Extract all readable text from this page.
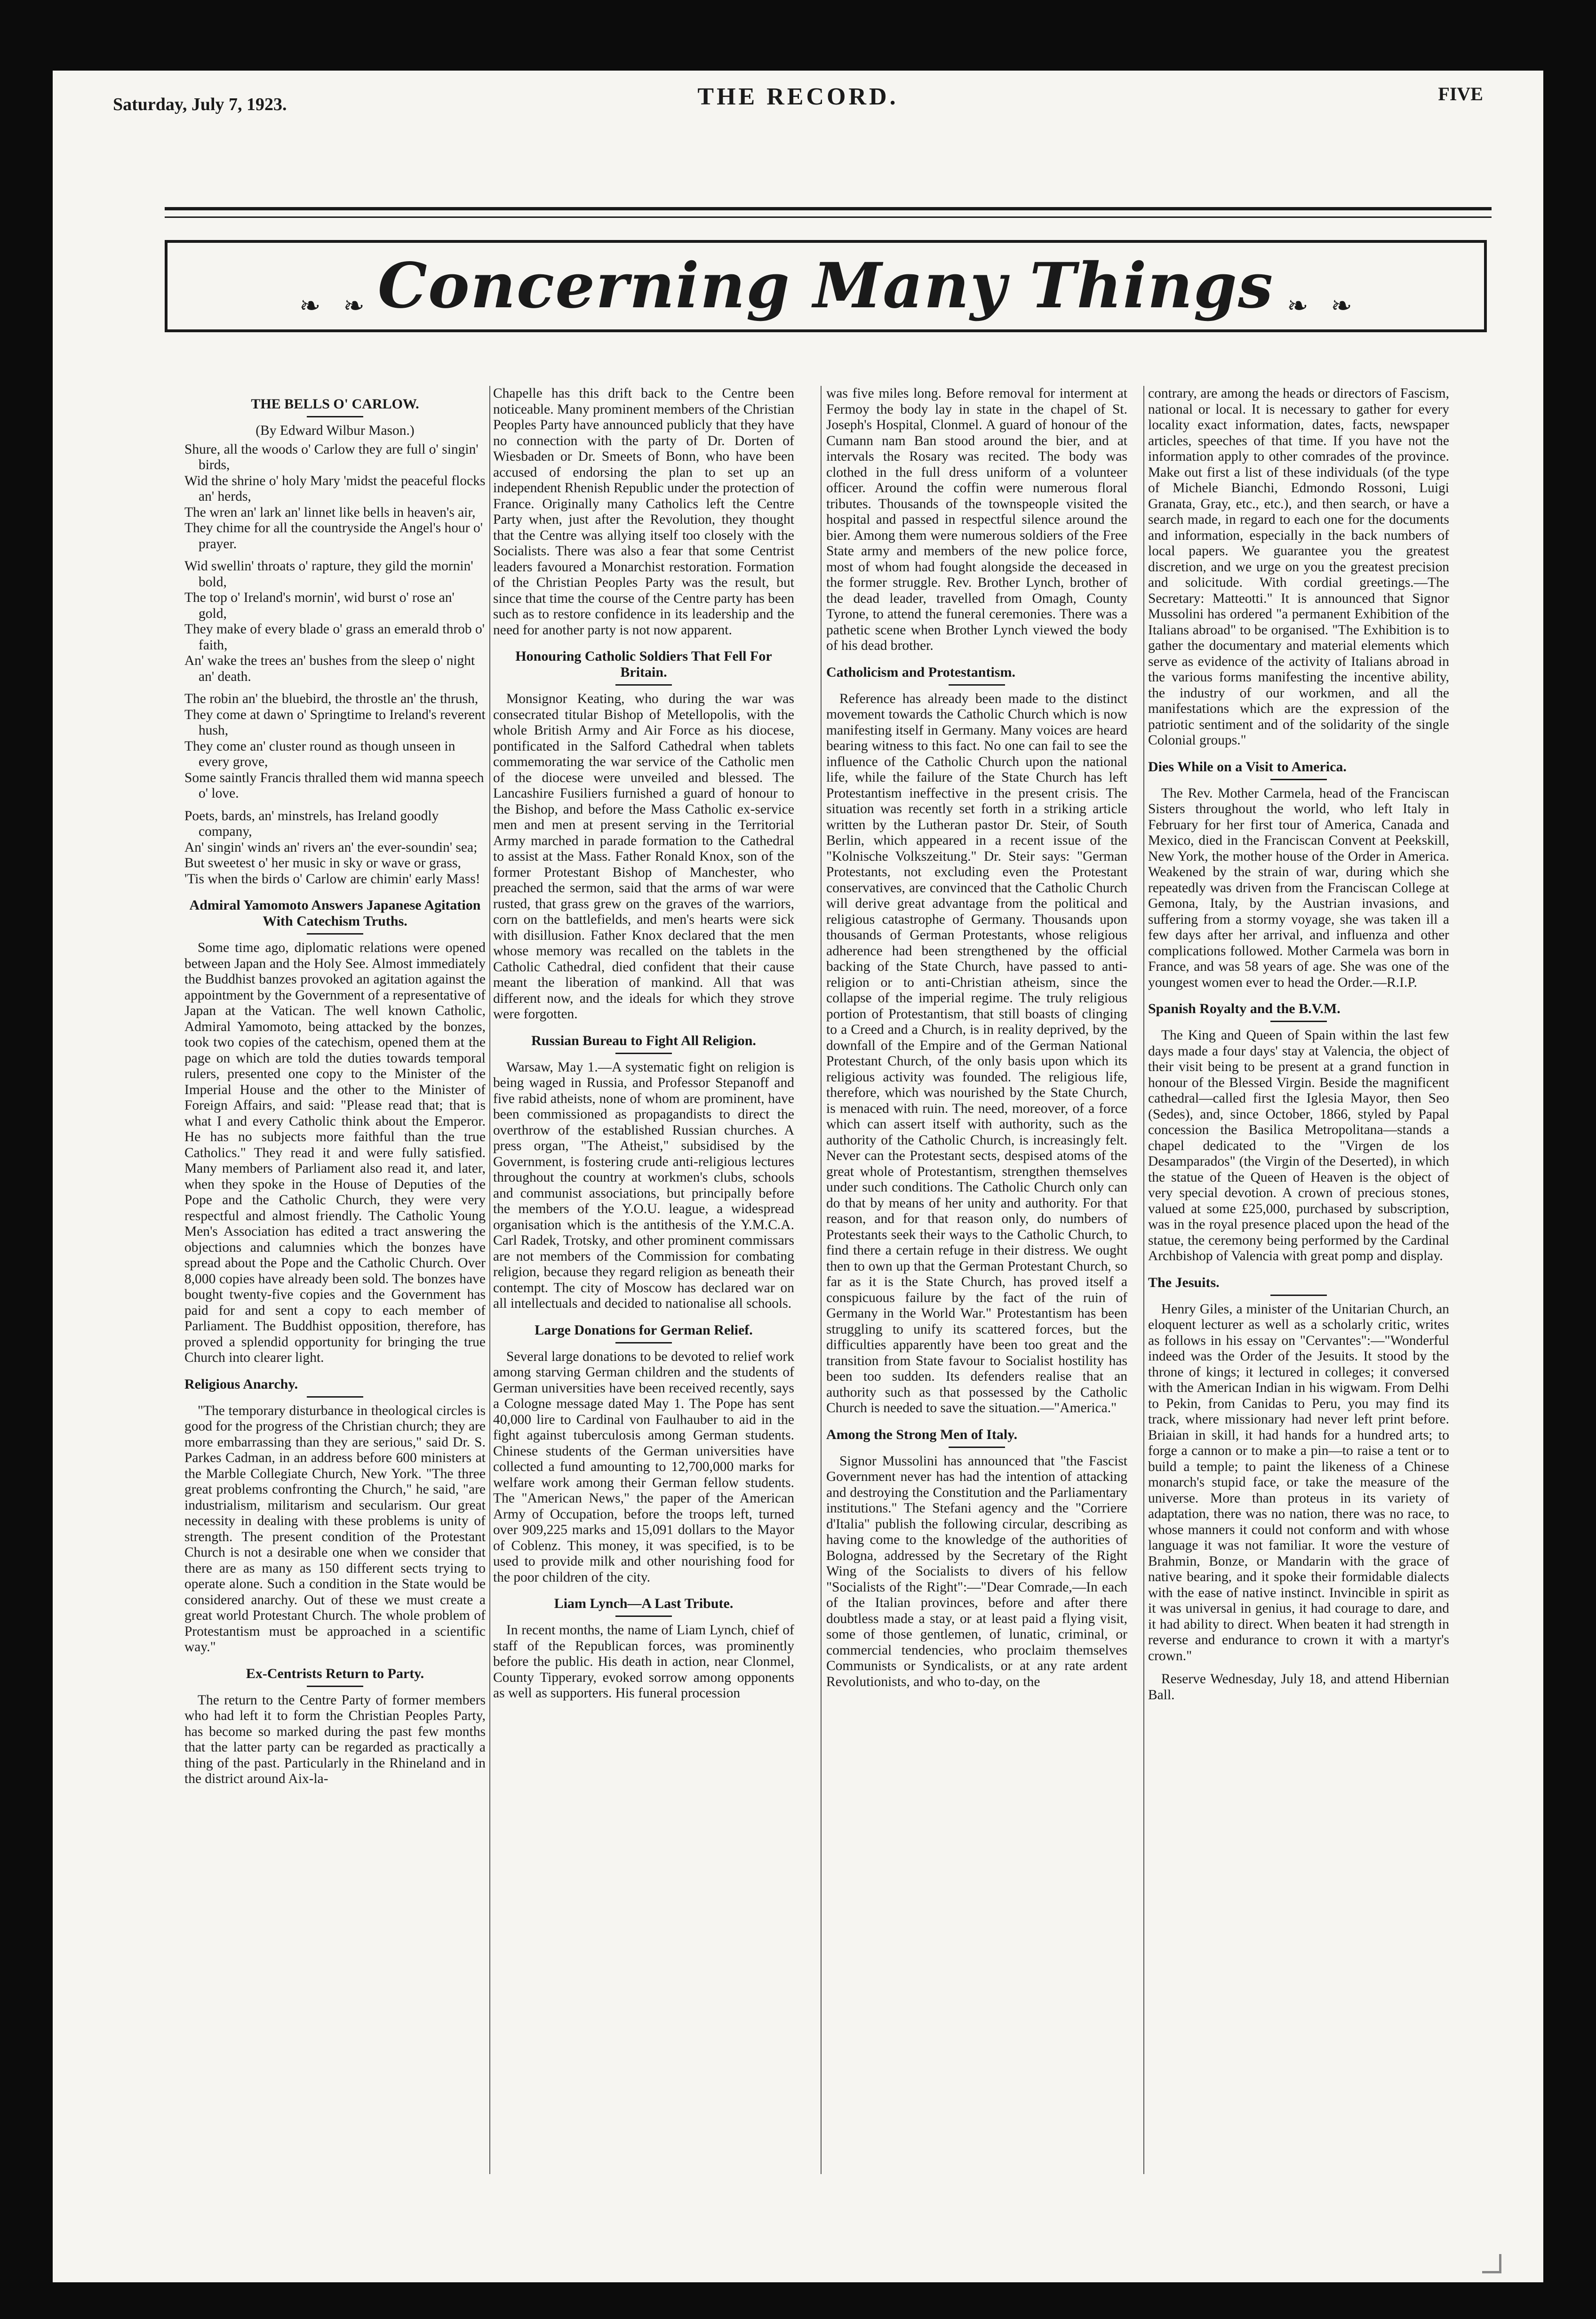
Saturday, July 7, 1923.	THE RECORD.	FIVE
❧ ❧ Concerning Many Things ❧ ❧
THE BELLS O' CARLOW.
(By Edward Wilbur Mason.)
Shure, all the woods o' Carlow they are full o' singin' birds,
Wid the shrine o' holy Mary 'midst the peaceful flocks an' herds,
The wren an' lark an' linnet like bells in heaven's air,
They chime for all the countryside the Angel's hour o' prayer.
Wid swellin' throats o' rapture, they gild the mornin' bold,
The top o' Ireland's mornin', wid burst o' rose an' gold,
They make of every blade o' grass an emerald throb o' faith,
An' wake the trees an' bushes from the sleep o' night an' death.
The robin an' the bluebird, the throstle an' the thrush,
They come at dawn o' Springtime to Ireland's reverent hush,
They come an' cluster round as though unseen in every grove,
Some saintly Francis thralled them wid manna speech o' love.
Poets, bards, an' minstrels, has Ireland goodly company,
An' singin' winds an' rivers an' the ever-soundin' sea;
But sweetest o' her music in sky or wave or grass,
'Tis when the birds o' Carlow are chimin' early Mass!
Admiral Yamomoto Answers Japanese Agitation With Catechism Truths.

Some time ago, diplomatic relations were opened between Japan and the Holy See. Almost immediately the Buddhist banzes provoked an agitation against the appointment by the Government of a representative of Japan at the Vatican. The well known Catholic, Admiral Yamomoto, being attacked by the bonzes, took two copies of the catechism, opened them at the page on which are told the duties towards temporal rulers, presented one copy to the Minister of the Imperial House and the other to the Minister of Foreign Affairs, and said: "Please read that; that is what I and every Catholic think about the Emperor. He has no subjects more faithful than the true Catholics." They read it and were fully satisfied. Many members of Parliament also read it, and later, when they spoke in the House of Deputies of the Pope and the Catholic Church, they were very respectful and almost friendly. The Catholic Young Men's Association has edited a tract answering the objections and calumnies which the bonzes have spread about the Pope and the Catholic Church. Over 8,000 copies have already been sold. The bonzes have bought twenty-five copies and the Government has paid for and sent a copy to each member of Parliament. The Buddhist opposition, therefore, has proved a splendid opportunity for bringing the true Church into clearer light.

Religious Anarchy.

"The temporary disturbance in theological circles is good for the progress of the Christian church; they are more embarrassing than they are serious," said Dr. S. Parkes Cadman, in an address before 600 ministers at the Marble Collegiate Church, New York. "The three great problems confronting the Church," he said, "are industrialism, militarism and secularism. Our great necessity in dealing with these problems is unity of strength. The present condition of the Protestant Church is not a desirable one when we consider that there are as many as 150 different sects trying to operate alone. Such a condition in the State would be considered anarchy. Out of these we must create a great world Protestant Church. The whole problem of Protestantism must be approached in a scientific way."

Ex-Centrists Return to Party.

The return to the Centre Party of former members who had left it to form the Christian Peoples Party, has become so marked during the past few months that the latter party can be regarded as practically a thing of the past. Particularly in the Rhineland and in the district around Aix-la-

Chapelle has this drift back to the Centre been noticeable. Many prominent members of the Christian Peoples Party have announced publicly that they have no connection with the party of Dr. Dorten of Wiesbaden or Dr. Smeets of Bonn, who have been accused of endorsing the plan to set up an independent Rhenish Republic under the protection of France. Originally many Catholics left the Centre Party when, just after the Revolution, they thought that the Centre was allying itself too closely with the Socialists. There was also a fear that some Centrist leaders favoured a Monarchist restoration. Formation of the Christian Peoples Party was the result, but since that time the course of the Centre party has been such as to restore confidence in its leadership and the need for another party is not now apparent.

Honouring Catholic Soldiers That Fell For Britain.

Monsignor Keating, who during the war was consecrated titular Bishop of Metellopolis, with the whole British Army and Air Force as his diocese, pontificated in the Salford Cathedral when tablets commemorating the war service of the Catholic men of the diocese were unveiled and blessed. The Lancashire Fusiliers furnished a guard of honour to the Bishop, and before the Mass Catholic ex-service men and men at present serving in the Territorial Army marched in parade formation to the Cathedral to assist at the Mass. Father Ronald Knox, son of the former Protestant Bishop of Manchester, who preached the sermon, said that the arms of war were rusted, that grass grew on the graves of the warriors, corn on the battlefields, and men's hearts were sick with disillusion. Father Knox declared that the men whose memory was recalled on the tablets in the Catholic Cathedral, died confident that their cause meant the liberation of mankind. All that was different now, and the ideals for which they strove were forgotten.

Russian Bureau to Fight All Religion.

Warsaw, May 1.—A systematic fight on religion is being waged in Russia, and Professor Stepanoff and five rabid atheists, none of whom are prominent, have been commissioned as propagandists to direct the overthrow of the established Russian churches. A press organ, "The Atheist," subsidised by the Government, is fostering crude anti-religious lectures throughout the country at workmen's clubs, schools and communist associations, but principally before the members of the Y.O.U. league, a widespread organisation which is the antithesis of the Y.M.C.A. Carl Radek, Trotsky, and other prominent commissars are not members of the Commission for combating religion, because they regard religion as beneath their contempt. The city of Moscow has declared war on all intellectuals and decided to nationalise all schools.

Large Donations for German Relief.

Several large donations to be devoted to relief work among starving German children and the students of German universities have been received recently, says a Cologne message dated May 1. The Pope has sent 40,000 lire to Cardinal von Faulhauber to aid in the fight against tuberculosis among German students. Chinese students of the German universities have collected a fund amounting to 12,700,000 marks for welfare work among their German fellow students. The "American News," the paper of the American Army of Occupation, before the troops left, turned over 909,225 marks and 15,091 dollars to the Mayor of Coblenz. This money, it was specified, is to be used to provide milk and other nourishing food for the poor children of the city.

Liam Lynch—A Last Tribute.

In recent months, the name of Liam Lynch, chief of staff of the Republican forces, was prominently before the public. His death in action, near Clonmel, County Tipperary, evoked sorrow among opponents as well as supporters. His funeral procession

was five miles long. Before removal for interment at Fermoy the body lay in state in the chapel of St. Joseph's Hospital, Clonmel. A guard of honour of the Cumann nam Ban stood around the bier, and at intervals the Rosary was recited. The body was clothed in the full dress uniform of a volunteer officer. Around the coffin were numerous floral tributes. Thousands of the townspeople visited the hospital and passed in respectful silence around the bier. Among them were numerous soldiers of the Free State army and members of the new police force, most of whom had fought alongside the deceased in the former struggle. Rev. Brother Lynch, brother of the dead leader, travelled from Omagh, County Tyrone, to attend the funeral ceremonies. There was a pathetic scene when Brother Lynch viewed the body of his dead brother.

Catholicism and Protestantism.

Reference has already been made to the distinct movement towards the Catholic Church which is now manifesting itself in Germany. Many voices are heard bearing witness to this fact. No one can fail to see the influence of the Catholic Church upon the national life, while the failure of the State Church has left Protestantism ineffective in the present crisis. The situation was recently set forth in a striking article written by the Lutheran pastor Dr. Steir, of South Berlin, which appeared in a recent issue of the "Kolnische Volkszeitung." Dr. Steir says: "German Protestants, not excluding even the Protestant conservatives, are convinced that the Catholic Church will derive great advantage from the political and religious catastrophe of Germany. Thousands upon thousands of German Protestants, whose religious adherence had been strengthened by the official backing of the State Church, have passed to anti-religion or to anti-Christian atheism, since the collapse of the imperial regime. The truly religious portion of Protestantism, that still boasts of clinging to a Creed and a Church, is in reality deprived, by the downfall of the Empire and of the German National Protestant Church, of the only basis upon which its religious activity was founded. The religious life, therefore, which was nourished by the State Church, is menaced with ruin. The need, moreover, of a force which can assert itself with authority, such as the authority of the Catholic Church, is increasingly felt. Never can the Protestant sects, despised atoms of the great whole of Protestantism, strengthen themselves under such conditions. The Catholic Church only can do that by means of her unity and authority. For that reason, and for that reason only, do numbers of Protestants seek their ways to the Catholic Church, to find there a certain refuge in their distress. We ought then to own up that the German Protestant Church, so far as it is the State Church, has proved itself a conspicuous failure by the fact of the ruin of Germany in the World War." Protestantism has been struggling to unify its scattered forces, but the difficulties apparently have been too great and the transition from State favour to Socialist hostility has been too sudden. Its defenders realise that an authority such as that possessed by the Catholic Church is needed to save the situation.—"America."

Among the Strong Men of Italy.

Signor Mussolini has announced that "the Fascist Government never has had the intention of attacking and destroying the Constitution and the Parliamentary institutions." The Stefani agency and the "Corriere d'Italia" publish the following circular, describing as having come to the knowledge of the authorities of Bologna, addressed by the Secretary of the Right Wing of the Socialists to divers of his fellow "Socialists of the Right":—"Dear Comrade,—In each of the Italian provinces, before and after there doubtless made a stay, or at least paid a flying visit, some of those gentlemen, of lunatic, criminal, or commercial tendencies, who proclaim themselves Communists or Syndicalists, or at any rate ardent Revolutionists, and who to-day, on the

contrary, are among the heads or directors of Fascism, national or local. It is necessary to gather for every locality exact information, dates, facts, newspaper articles, speeches of that time. If you have not the information apply to other comrades of the province. Make out first a list of these individuals (of the type of Michele Bianchi, Edmondo Rossoni, Luigi Granata, Gray, etc., etc.), and then search, or have a search made, in regard to each one for the documents and information, especially in the back numbers of local papers. We guarantee you the greatest discretion, and we urge on you the greatest precision and solicitude. With cordial greetings.—The Secretary: Matteotti." It is announced that Signor Mussolini has ordered "a permanent Exhibition of the Italians abroad" to be organised. "The Exhibition is to gather the documentary and material elements which serve as evidence of the activity of Italians abroad in the various forms manifesting the incentive ability, the industry of our workmen, and all the manifestations which are the expression of the patriotic sentiment and of the solidarity of the single Colonial groups."

Dies While on a Visit to America.

The Rev. Mother Carmela, head of the Franciscan Sisters throughout the world, who left Italy in February for her first tour of America, Canada and Mexico, died in the Franciscan Convent at Peekskill, New York, the mother house of the Order in America. Weakened by the strain of war, during which she repeatedly was driven from the Franciscan College at Gemona, Italy, by the Austrian invasions, and suffering from a stormy voyage, she was taken ill a few days after her arrival, and influenza and other complications followed. Mother Carmela was born in France, and was 58 years of age. She was one of the youngest women ever to head the Order.—R.I.P.

Spanish Royalty and the B.V.M.

The King and Queen of Spain within the last few days made a four days' stay at Valencia, the object of their visit being to be present at a grand function in honour of the Blessed Virgin. Beside the magnificent cathedral—called first the Iglesia Mayor, then Seo (Sedes), and, since October, 1866, styled by Papal concession the Basilica Metropolitana—stands a chapel dedicated to the "Virgen de los Desamparados" (the Virgin of the Deserted), in which the statue of the Queen of Heaven is the object of very special devotion. A crown of precious stones, valued at some £25,000, purchased by subscription, was in the royal presence placed upon the head of the statue, the ceremony being performed by the Cardinal Archbishop of Valencia with great pomp and display.

The Jesuits.

Henry Giles, a minister of the Unitarian Church, an eloquent lecturer as well as a scholarly critic, writes as follows in his essay on "Cervantes":—"Wonderful indeed was the Order of the Jesuits. It stood by the throne of kings; it lectured in colleges; it conversed with the American Indian in his wigwam. From Delhi to Pekin, from Canidas to Peru, you may find its track, where missionary had never left print before. Briaian in skill, it had hands for a hundred arts; to forge a cannon or to make a pin—to raise a tent or to build a temple; to paint the likeness of a Chinese monarch's stupid face, or take the measure of the universe. More than proteus in its variety of adaptation, there was no nation, there was no race, to whose manners it could not conform and with whose language it was not familiar. It wore the vesture of Brahmin, Bonze, or Mandarin with the grace of native bearing, and it spoke their formidable dialects with the ease of native instinct. Invincible in spirit as it was universal in genius, it had courage to dare, and it had ability to direct. When beaten it had strength in reverse and endurance to crown it with a martyr's crown."

Reserve Wednesday, July 18, and attend Hibernian Ball.
